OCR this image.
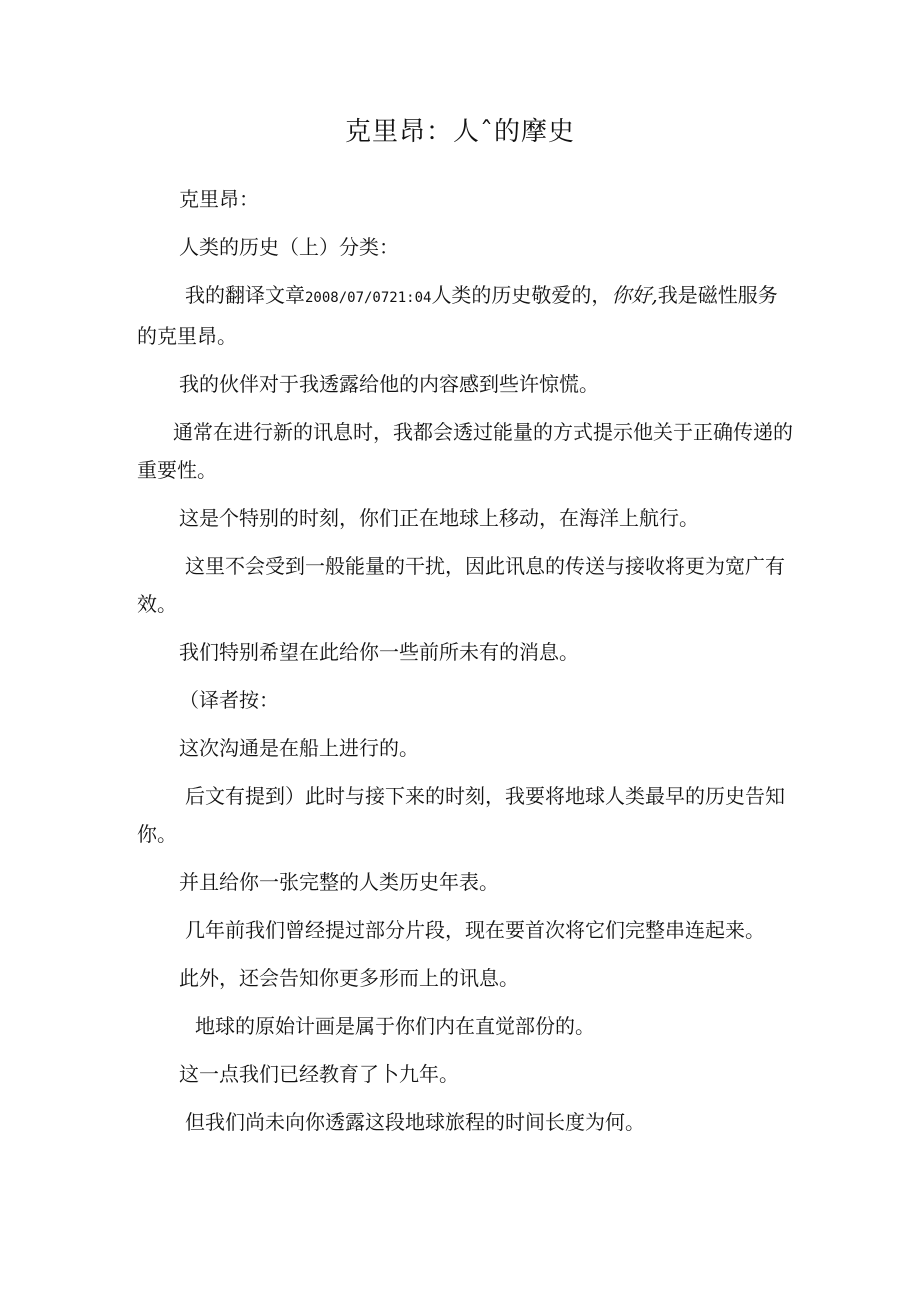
克里昂：人ˆ的摩史

克里昂：

人类的历史（上）分类：

我的翻译文章2008/07/0721:04人类的历史敬爱的，你好,我是磁性服务的克里昂。

我的伙伴对于我透露给他的内容感到些许惊慌。

通常在进行新的讯息时，我都会透过能量的方式提示他关于正确传递的重要性。

这是个特别的时刻，你们正在地球上移动，在海洋上航行。

这里不会受到一般能量的干扰，因此讯息的传送与接收将更为宽广有效。

我们特别希望在此给你一些前所未有的消息。

（译者按：

这次沟通是在船上进行的。

后文有提到）此时与接下来的时刻，我要将地球人类最早的历史告知你。

并且给你一张完整的人类历史年表。

几年前我们曾经提过部分片段，现在要首次将它们完整串连起来。

此外，还会告知你更多形而上的讯息。

地球的原始计画是属于你们内在直觉部份的。

这一点我们已经教育了卜九年。

但我们尚未向你透露这段地球旅程的时间长度为何。
